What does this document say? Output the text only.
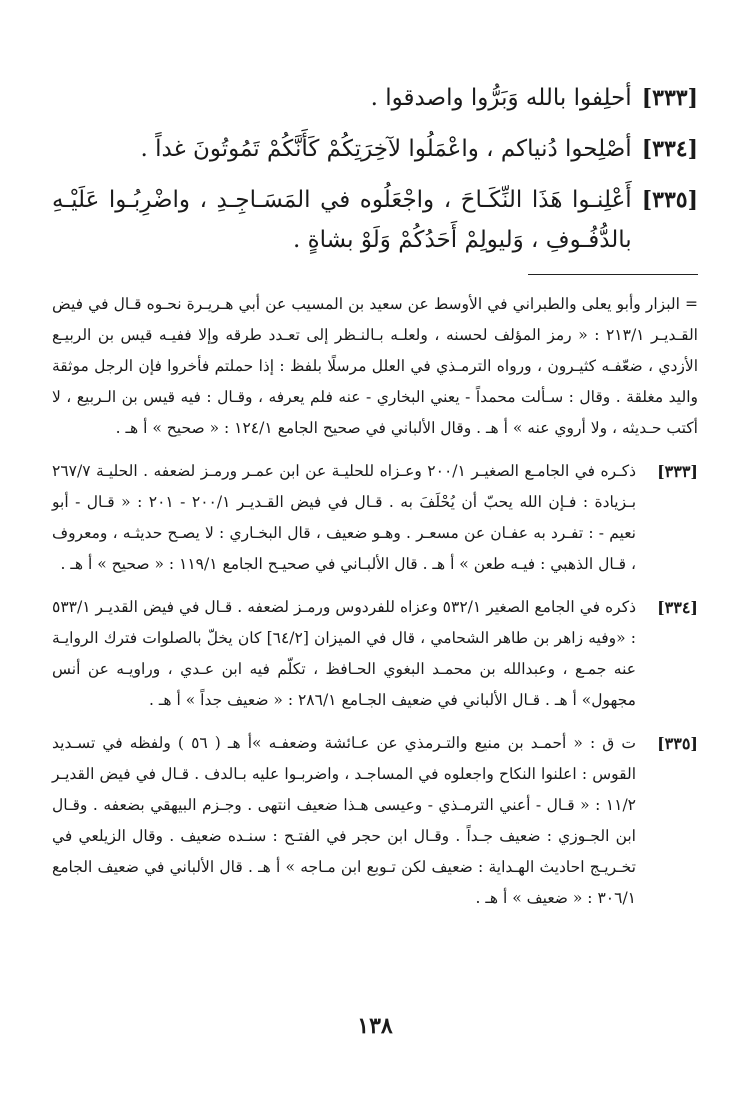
[٣٣٣]
أحلِفوا بالله وَبَرُّوا واصدقوا .
[٣٣٤]
أصْلِحوا دُنياكم ، واعْمَلُوا لآخِرَتِكُمْ كَأَنَّكُمْ تَمُوتُونَ غداً .
[٣٣٥]
أَعْلِنـوا هَذَا النِّكَـاحَ ، واجْعَلُوه في المَسَـاجِـدِ ، واضْرِبُـوا عَلَيْـهِ بالدُّفُـوفِ ، وَليولِمْ أَحَدُكُمْ وَلَوْ بشاةٍ .
= البزار وأبو يعلى والطبراني في الأوسط عن سعيد بن المسيب عن أبي هـريـرة نحـوه قـال في فيض القـديـر ٢١٣/١ : « رمز المؤلف لحسنه ، ولعلـه بـالنـظر إلى تعـدد طرقه وإلا ففيـه قيس بن الربيـع الأزدي ، ضعّفـه كثيـرون ، ورواه الترمـذي في العلل مرسلًا بلفظ : إذا حملتم فأخروا فإن الرجل موثقة واليد مغلقة . وقال : سـألت محمداً - يعني البخاري - عنه فلم يعرفه ، وقـال : فيه قيس بن الـربيع ، لا أكتب حـديثه ، ولا أروي عنه » أ هـ . وقال الألباني في صحيح الجامع ١٢٤/١ : « صحيح » أ هـ .
[٣٣٣]
ذكـره في الجامـع الصغيـر ٢٠٠/١ وعـزاه للحليـة عن ابن عمـر ورمـز لضعفه . الحليـة ٢٦٧/٧ بـزيادة : فـإن الله يحبّ أن يُحْلَفَ به . قـال في فيض القـديـر ٢٠٠/١ - ٢٠١ : « قـال - أبو نعيم - : تفـرد به عفـان عن مسعـر . وهـو ضعيف ، قال البخـاري : لا يصـح حديثـه ، ومعروف ، قـال الذهبي : فيـه طعن » أ هـ . قال الألبـاني في صحيـح الجامع ١١٩/١ : « صحيح » أ هـ .
[٣٣٤]
ذكره في الجامع الصغير ٥٣٢/١ وعزاه للفردوس ورمـز لضعفه . قـال في فيض القديـر ٥٣٣/١ : «وفيه زاهر بن طاهر الشحامي ، قال في الميزان [٦٤/٢] كان يخلّ بالصلوات فترك الروايـة عنه جمـع ، وعبدالله بن محمـد البغوي الحـافظ ، تكلّم فيه ابن عـدي ، وراويـه عن أنس مجهول» أ هـ . قـال الألباني في ضعيف الجـامع ٢٨٦/١ : « ضعيف جداً » أ هـ .
[٣٣٥]
ت ق : « أحمـد بن منيع والتـرمذي عن عـائشة وضعفـه »أ هـ ( ٥٦ ) ولفظه في تسـديد القوس : اعلنوا النكاح واجعلوه في المساجـد ، واضربـوا عليه بـالدف . قـال في فيض القديـر ١١/٢ : « قـال - أعني الترمـذي - وعيسى هـذا ضعيف انتهى . وجـزم البيهقي بضعفه . وقـال ابن الجـوزي : ضعيف جـداً . وقـال ابن حجر في الفتـح : سنـده ضعيف . وقال الزيلعي في تخـريـج احاديث الهـداية : ضعيف لكن تـوبع ابن مـاجه » أ هـ . قال الألباني في ضعيف الجامع ٣٠٦/١ : « ضعيف » أ هـ .
١٣٨
